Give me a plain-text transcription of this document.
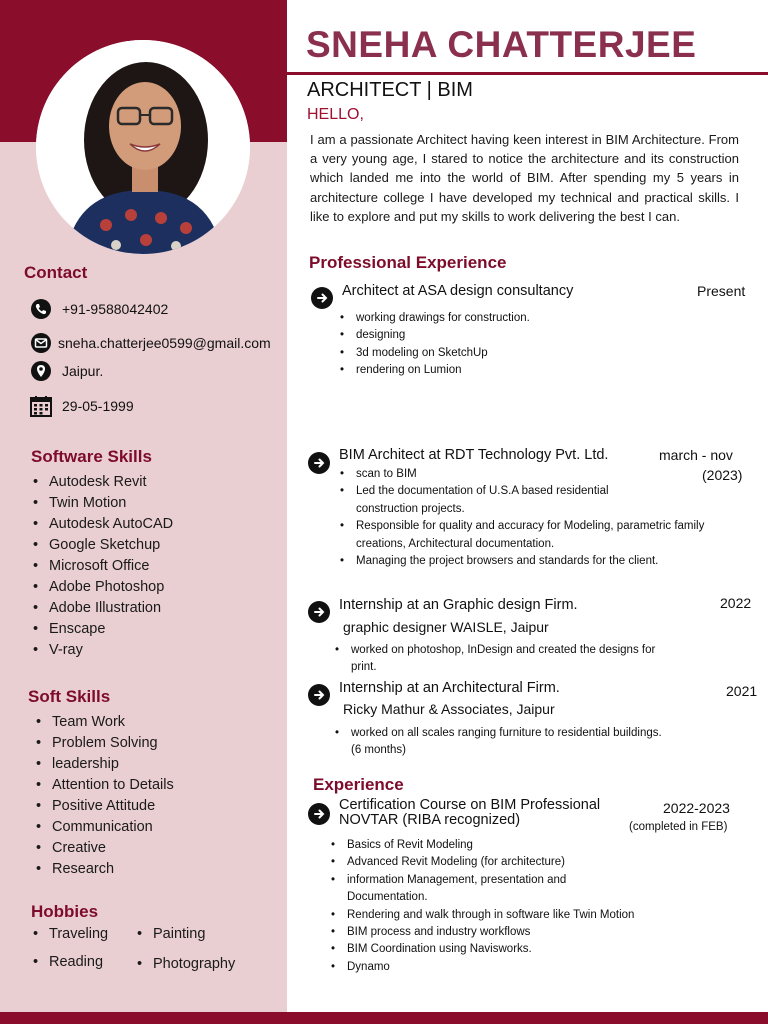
Contact
+91-9588042402
sneha.chatterjee0599@gmail.com
Jaipur.
29-05-1999
Software Skills
• Autodesk Revit
• Twin Motion
• Autodesk AutoCAD
• Google Sketchup
• Microsoft Office
• Adobe Photoshop
• Adobe Illustration
• Enscape
• V-ray
Soft Skills
• Team Work
• Problem Solving
• leadership
• Attention to Details
• Positive Attitude
• Communication
• Creative
• Research
Hobbies
• Traveling
• Reading
• Painting
• Photography
SNEHA CHATTERJEE
ARCHITECT | BIM
HELLO,
I am a passionate Architect having keen interest in BIM Architecture. From a very young age, I stared to notice the architecture and its construction which landed me into the world of BIM. After spending my 5 years in architecture college I have developed my technical and practical skills. I like to explore and put my skills to work delivering the best I can.
Professional Experience
Architect at ASA design consultancy	Present
• working drawings for construction.
• designing
• 3d modeling on SketchUp
• rendering on Lumion
BIM Architect at RDT Technology Pvt. Ltd.	march - nov
(2023)
• scan to BIM
• Led the documentation of U.S.A based residential construction projects.
• Responsible for quality and accuracy for Modeling, parametric family creations, Architectural documentation.
• Managing the project browsers and standards for the client.
Internship at an Graphic design Firm.	2022
graphic designer WAISLE, Jaipur
• worked on photoshop, InDesign and created the designs for print.
Internship at an Architectural Firm.	2021
Ricky Mathur & Associates, Jaipur
• worked on all scales ranging furniture to residential buildings. (6 months)
Experience
Certification Course on BIM Professional
NOVTAR (RIBA recognized)
2022-2023
(completed in FEB)
• Basics of Revit Modeling
• Advanced Revit Modeling (for architecture)
• information Management, presentation and Documentation.
• Rendering and walk through in software like Twin Motion
• BIM process and industry workflows
• BIM Coordination using Navisworks.
• Dynamo
